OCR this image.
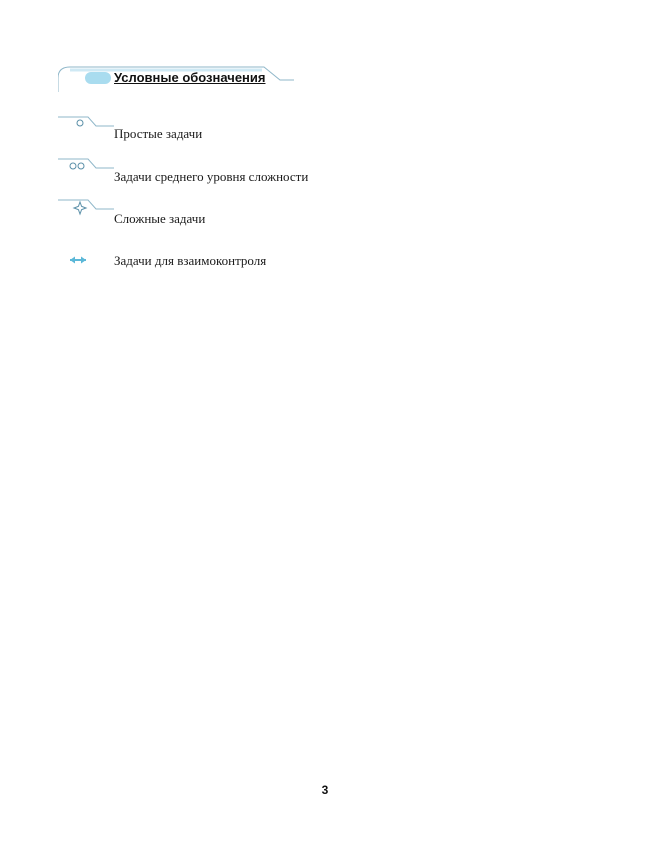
Условные обозначения
Простые задачи
Задачи среднего уровня сложности
Сложные задачи
Задачи для взаимоконтроля
3
